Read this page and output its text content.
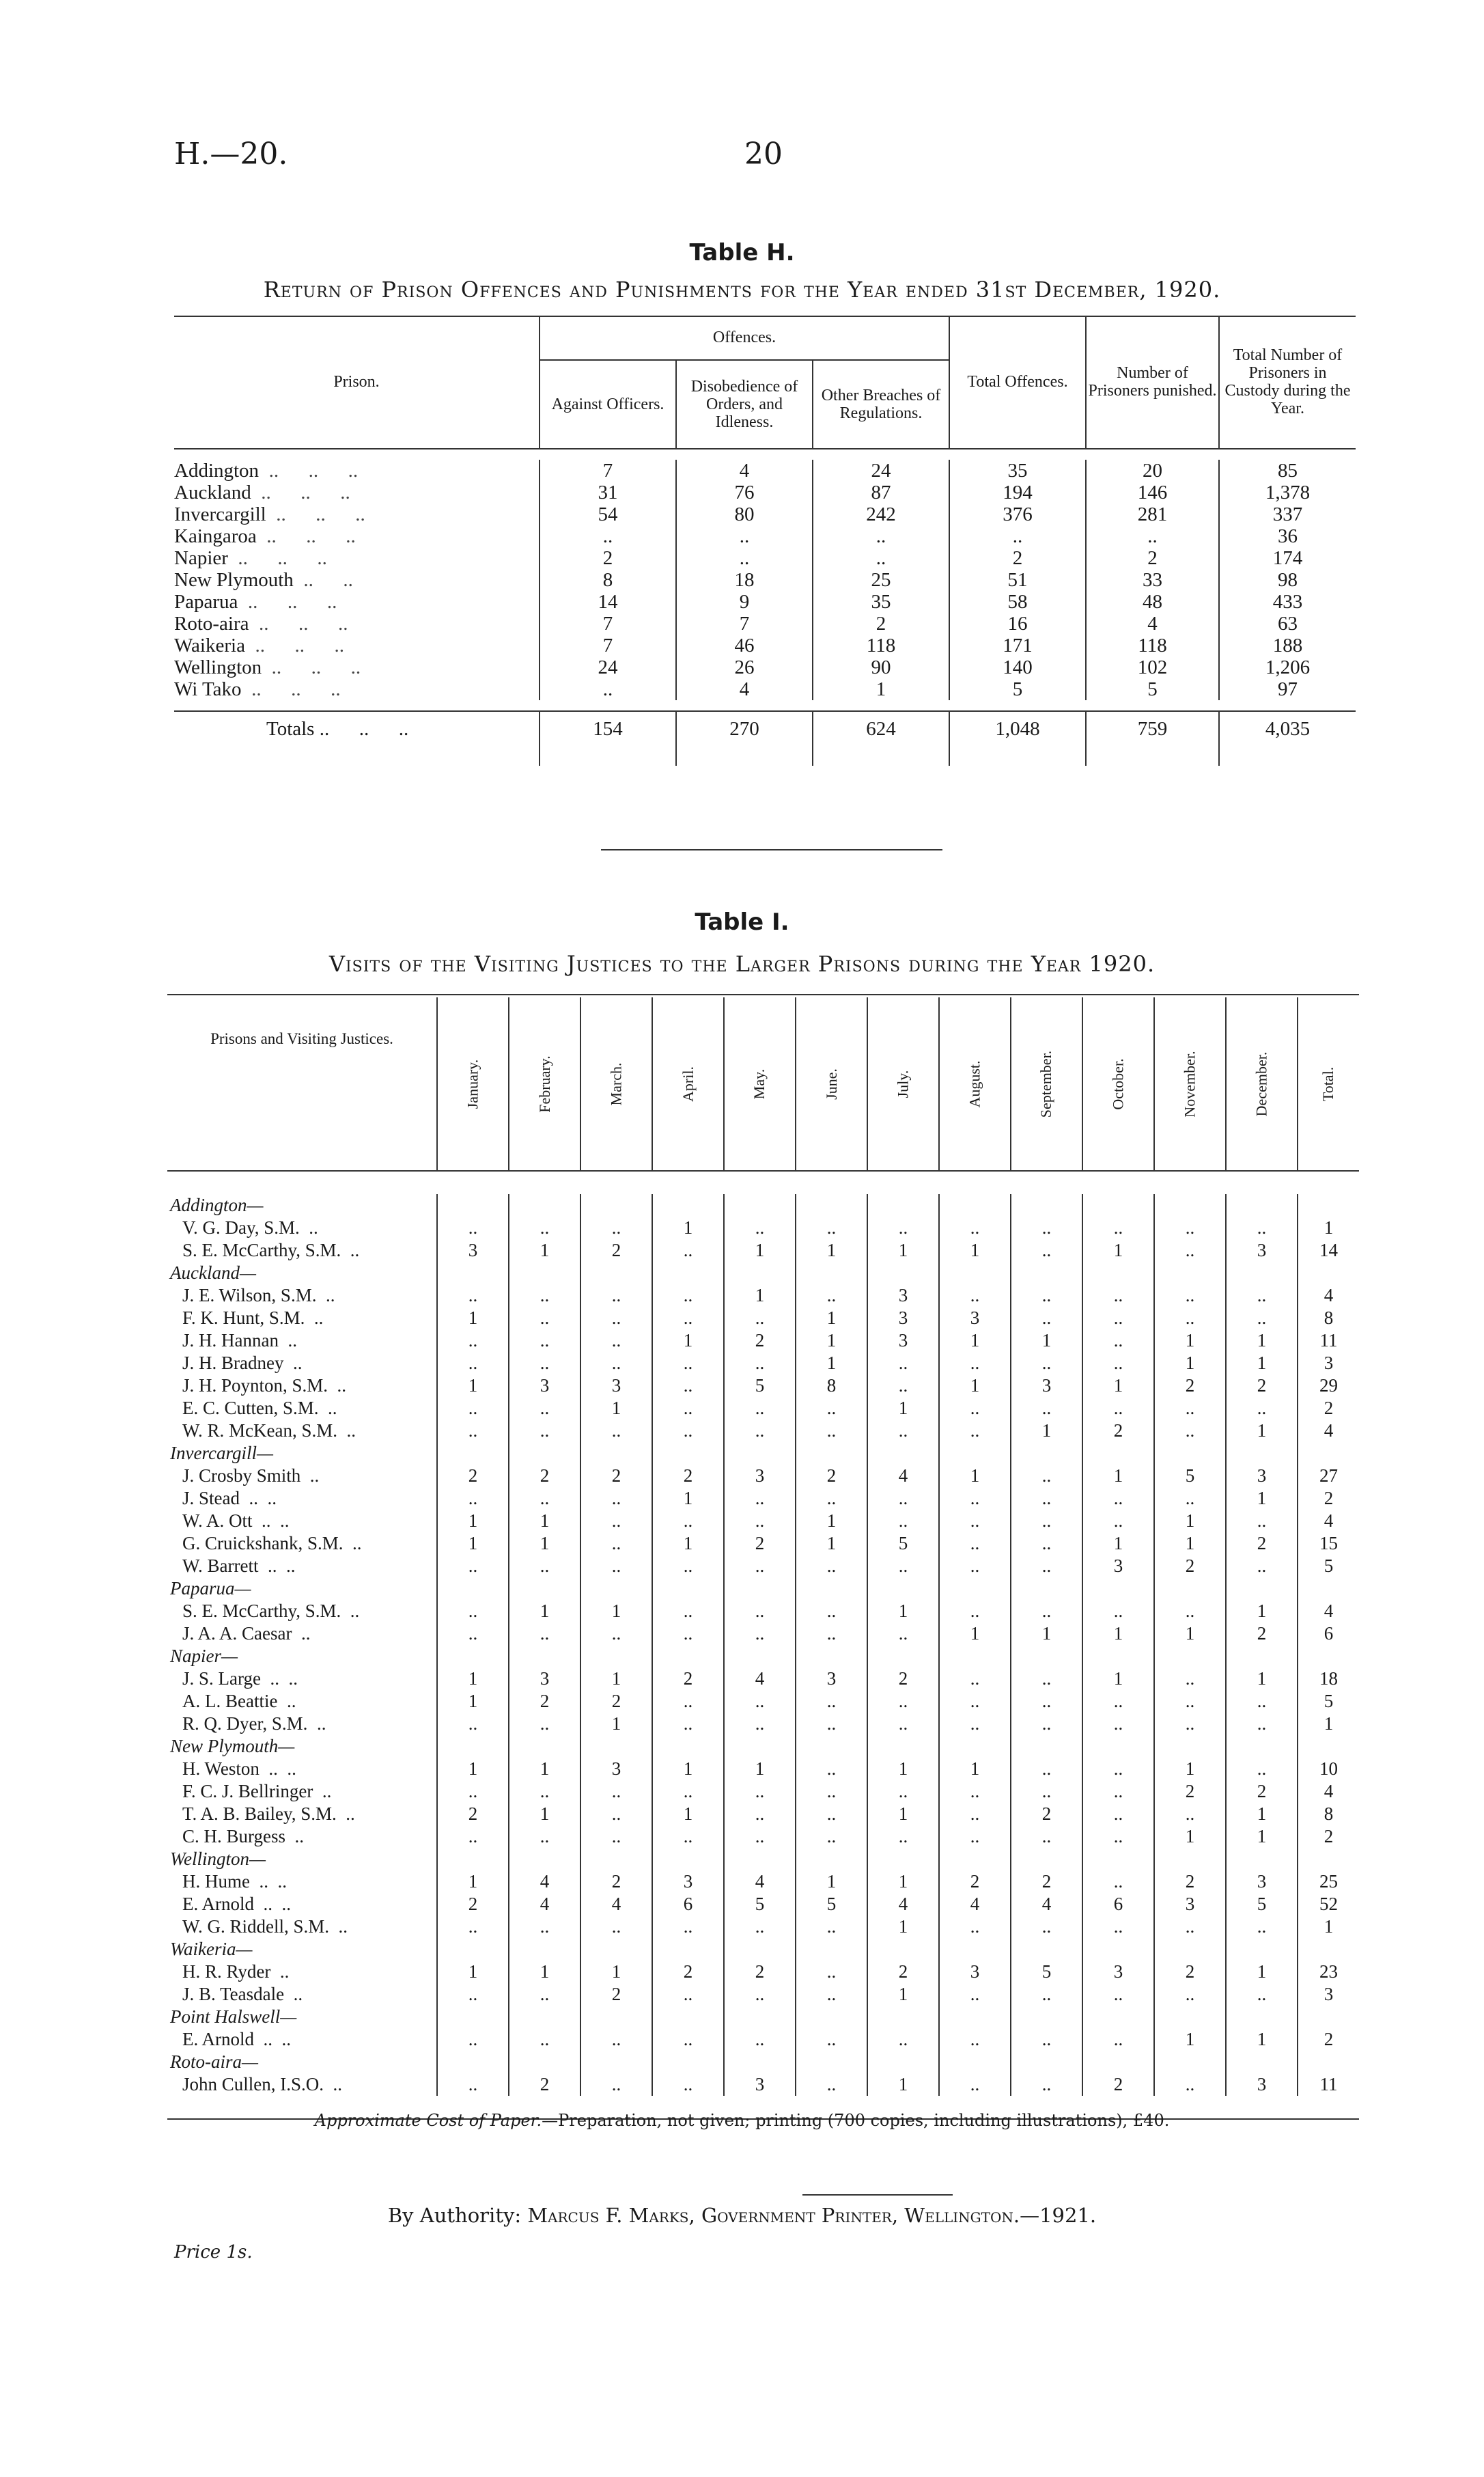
H.—20.	20
Table H.
Return of Prison Offences and Punishments for the Year ended 31st December, 1920.
Prison.	Offences.			Total Offences.	Number of Prisoners punished.	Total Number of Prisoners in Custody during the Year.
	Against Officers.	Disobedience of Orders, and Idleness.	Other Breaches of Regulations.			

Addington ..      ..      ..	7	4	24	35	20	85
Auckland ..      ..      ..	31	76	87	194	146	1,378
Invercargill ..      ..      ..	54	80	242	376	281	337
Kaingaroa ..      ..      ..	..	..	..	..	..	36
Napier ..      ..      ..	2	..	..	2	2	174
New Plymouth ..      ..	8	18	25	51	33	98
Paparua ..      ..      ..	14	9	35	58	48	433
Roto-aira ..      ..      ..	7	7	2	16	4	63
Waikeria ..      ..      ..	7	46	118	171	118	188
Wellington ..      ..      ..	24	26	90	140	102	1,206
Wi Tako ..      ..      ..	..	4	1	5	5	97

Totals ..      ..      ..	154	270	624	1,048	759	4,035

Table I.
Visits of the Visiting Justices to the Larger Prisons during the Year 1920.
Prisons and Visiting Justices.	January.	February.	March.	April.	May.	June.	July.	August.	September.	October.	November.	December.	Total.

Addington—													
V. G. Day, S.M. ..	..	..	..	1	..	..	..	..	..	..	..	..	1
S. E. McCarthy, S.M. ..	3	1	2	..	1	1	1	1	..	1	..	3	14
Auckland—													
J. E. Wilson, S.M. ..	..	..	..	..	1	..	3	..	..	..	..	..	4
F. K. Hunt, S.M. ..	1	..	..	..	..	1	3	3	..	..	..	..	8
J. H. Hannan ..	..	..	..	1	2	1	3	1	1	..	1	1	11
J. H. Bradney ..	..	..	..	..	..	1	..	..	..	..	1	1	3
J. H. Poynton, S.M. ..	1	3	3	..	5	8	..	1	3	1	2	2	29
E. C. Cutten, S.M. ..	..	..	1	..	..	..	1	..	..	..	..	..	2
W. R. McKean, S.M. ..	..	..	..	..	..	..	..	..	1	2	..	1	4
Invercargill—													
J. Crosby Smith ..	2	2	2	2	3	2	4	1	..	1	5	3	27
J. Stead ..  ..	..	..	..	1	..	..	..	..	..	..	..	1	2
W. A. Ott ..  ..	1	1	..	..	..	1	..	..	..	..	1	..	4
G. Cruickshank, S.M. ..	1	1	..	1	2	1	5	..	..	1	1	2	15
W. Barrett ..  ..	..	..	..	..	..	..	..	..	..	3	2	..	5
Paparua—													
S. E. McCarthy, S.M. ..	..	1	1	..	..	..	1	..	..	..	..	1	4
J. A. A. Caesar ..	..	..	..	..	..	..	..	1	1	1	1	2	6
Napier—													
J. S. Large ..  ..	1	3	1	2	4	3	2	..	..	1	..	1	18
A. L. Beattie ..	1	2	2	..	..	..	..	..	..	..	..	..	5
R. Q. Dyer, S.M. ..	..	..	1	..	..	..	..	..	..	..	..	..	1
New Plymouth—													
H. Weston ..  ..	1	1	3	1	1	..	1	1	..	..	1	..	10
F. C. J. Bellringer ..	..	..	..	..	..	..	..	..	..	..	2	2	4
T. A. B. Bailey, S.M. ..	2	1	..	1	..	..	1	..	2	..	..	1	8
C. H. Burgess ..	..	..	..	..	..	..	..	..	..	..	1	1	2
Wellington—													
H. Hume ..  ..	1	4	2	3	4	1	1	2	2	..	2	3	25
E. Arnold ..  ..	2	4	4	6	5	5	4	4	4	6	3	5	52
W. G. Riddell, S.M. ..	..	..	..	..	..	..	1	..	..	..	..	..	1
Waikeria—													
H. R. Ryder ..	1	1	1	2	2	..	2	3	5	3	2	1	23
J. B. Teasdale ..	..	..	2	..	..	..	1	..	..	..	..	..	3
Point Halswell—													
E. Arnold ..  ..	..	..	..	..	..	..	..	..	..	..	1	1	2
Roto-aira—													
John Cullen, I.S.O. ..	..	2	..	..	3	..	1	..	..	2	..	3	11

Approximate Cost of Paper.—Preparation, not given; printing (700 copies, including illustrations), £40.
By Authority: Marcus F. Marks, Government Printer, Wellington.—1921.
Price 1s.
